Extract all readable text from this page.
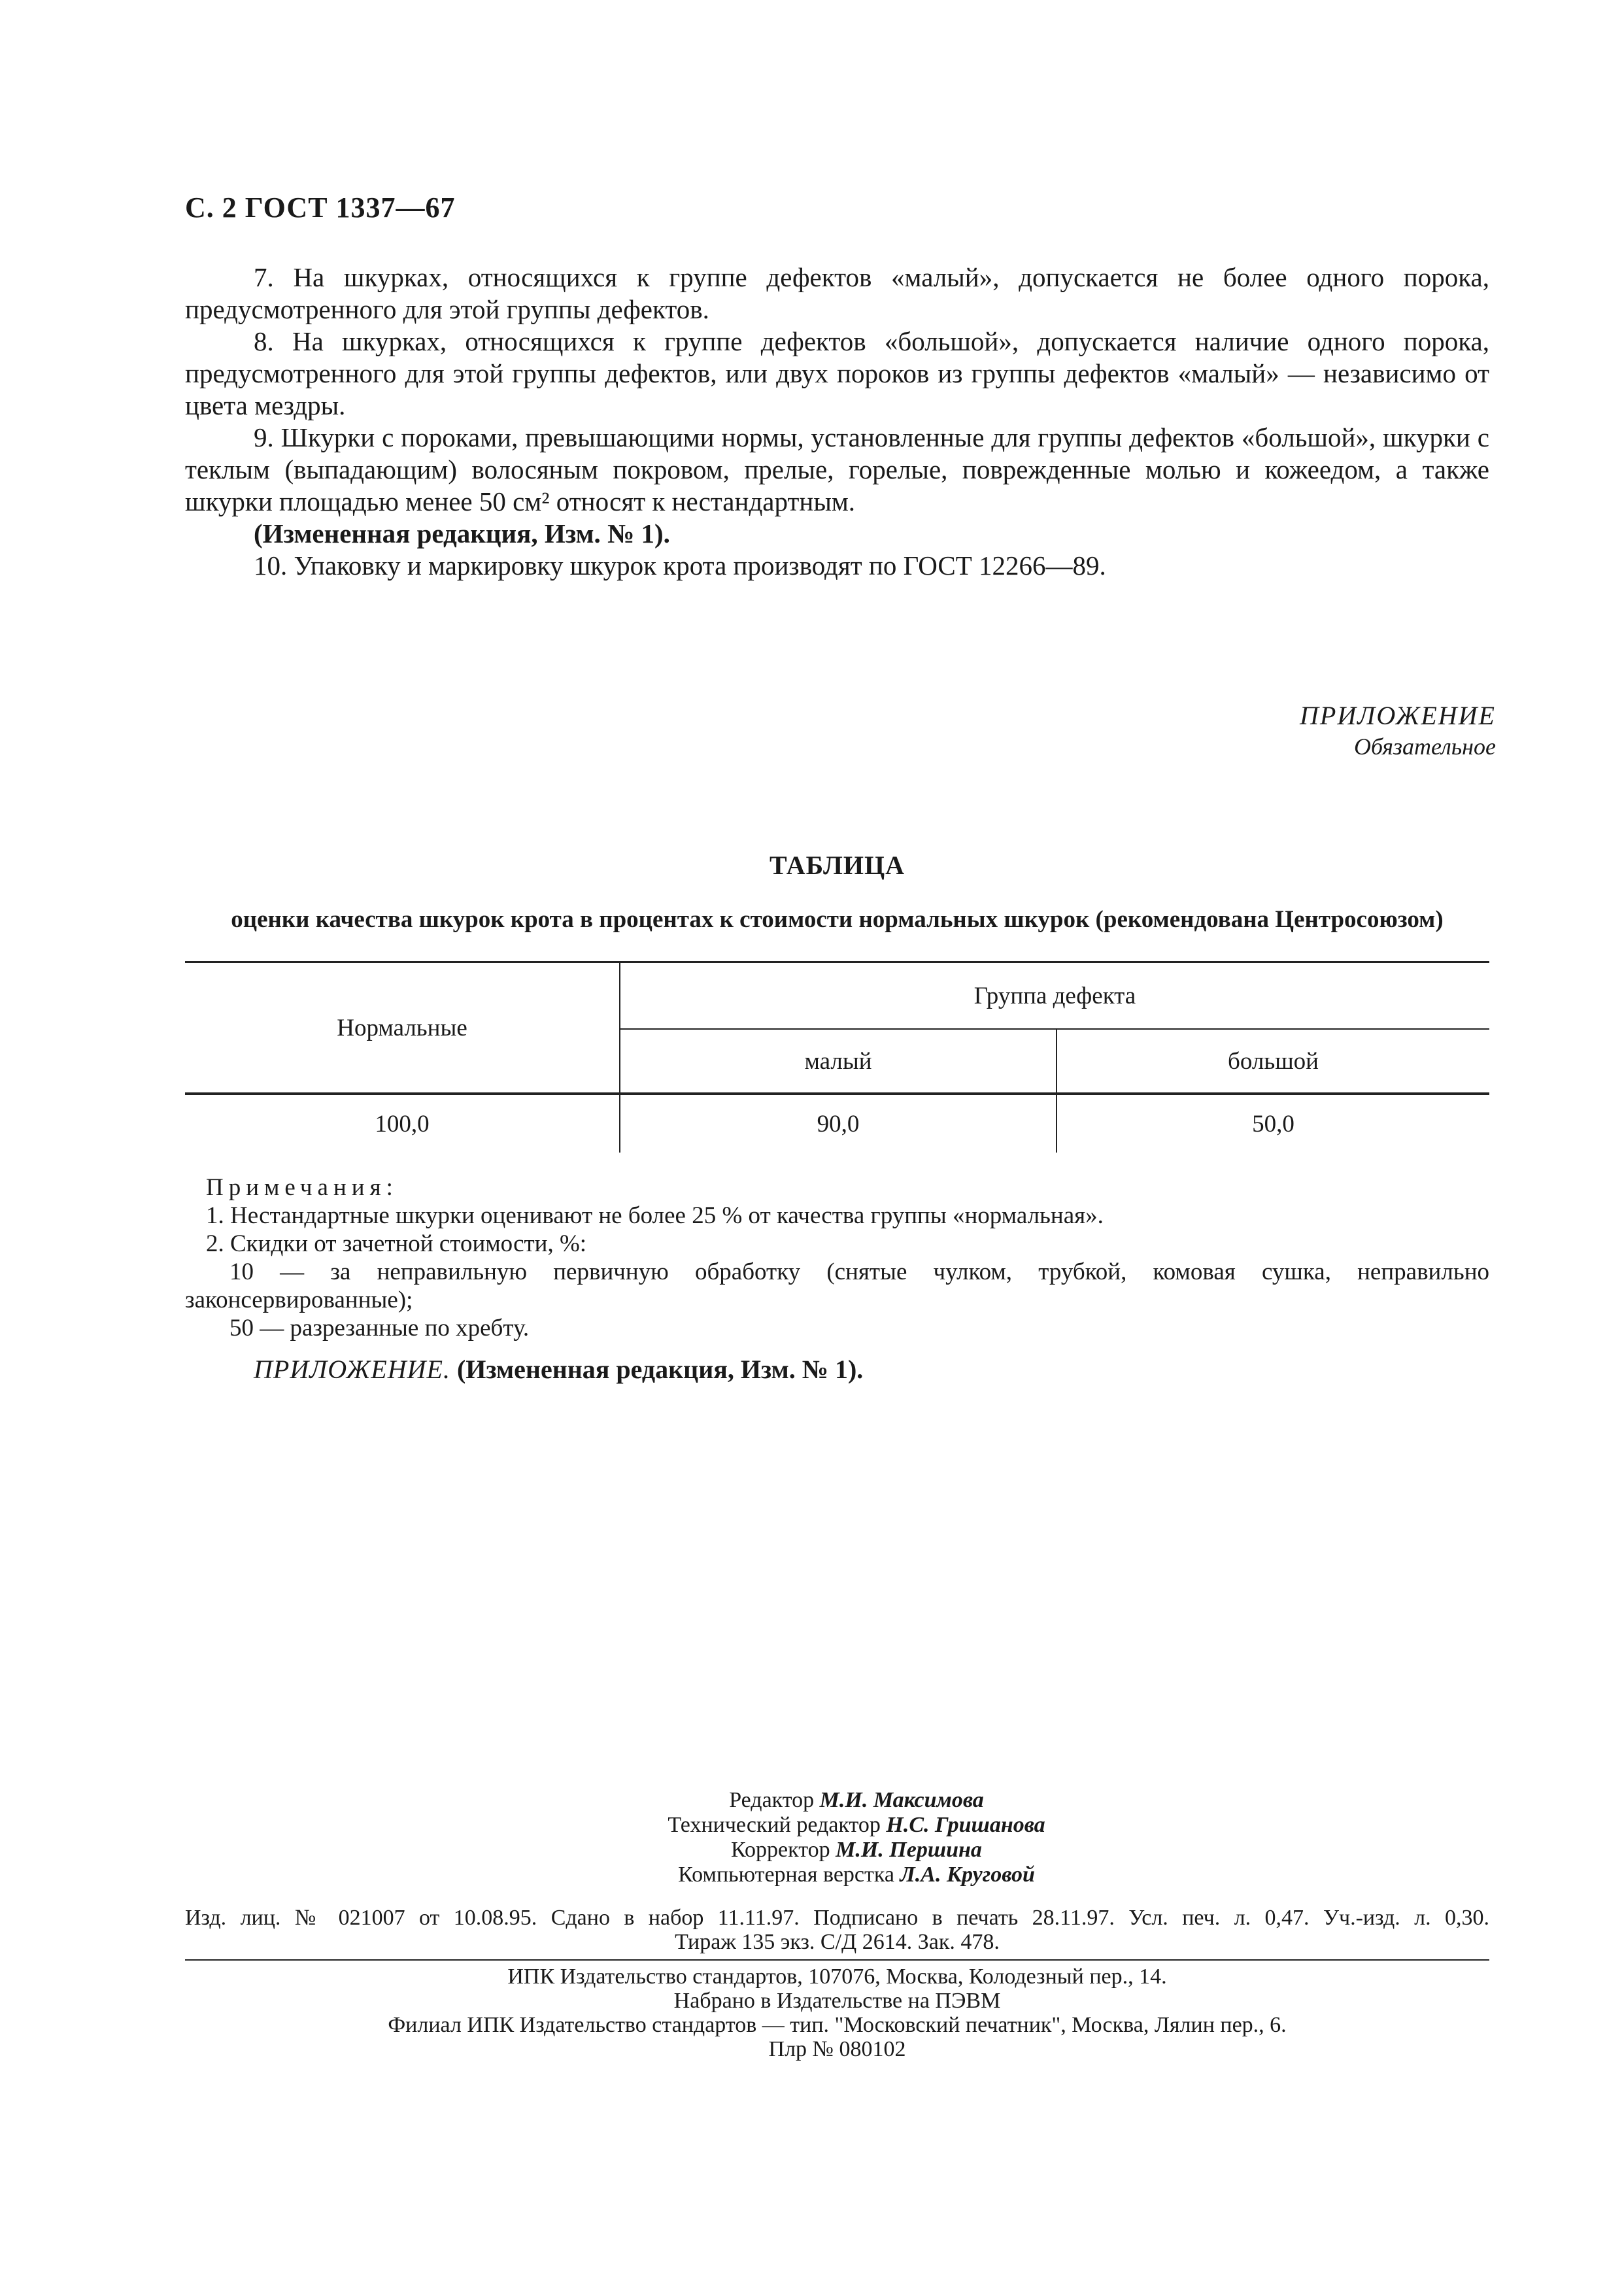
С. 2 ГОСТ 1337—67

7. На шкурках, относящихся к группе дефектов «малый», допускается не более одного порока, предусмотренного для этой группы дефектов.

8. На шкурках, относящихся к группе дефектов «большой», допускается наличие одного порока, предусмотренного для этой группы дефектов, или двух пороков из группы дефектов «малый» — независимо от цвета мездры.

9. Шкурки с пороками, превышающими нормы, установленные для группы дефектов «большой», шкурки с теклым (выпадающим) волосяным покровом, прелые, горелые, поврежденные молью и кожеедом, а также шкурки площадью менее 50 см² относят к нестандартным.

(Измененная редакция, Изм. № 1).

10. Упаковку и маркировку шкурок крота производят по ГОСТ 12266—89.

ПРИЛОЖЕНИЕ
Обязательное
ТАБЛИЦА
оценки качества шкурок крота в процентах к стоимости нормальных шкурок (рекомендована Центросоюзом)
Нормальные	Группа дефекта	
	малый	большой
100,0	90,0	50,0

Примечания:

1. Нестандартные шкурки оценивают не более 25 % от качества группы «нормальная».

2. Скидки от зачетной стоимости, %:

10 — за неправильную первичную обработку (снятые чулком, трубкой, комовая сушка, неправильно законсервированные);

50 — разрезанные по хребту.

ПРИЛОЖЕНИЕ. (Измененная редакция, Изм. № 1).

Редактор М.И. Максимова
Технический редактор Н.С. Гришанова
Корректор М.И. Першина
Компьютерная верстка Л.А. Круговой
Изд. лиц. № 021007 от 10.08.95. Сдано в набор 11.11.97. Подписано в печать 28.11.97. Усл. печ. л. 0,47. Уч.-изд. л. 0,30.
Тираж 135 экз. С/Д 2614. Зак. 478.
ИПК Издательство стандартов, 107076, Москва, Колодезный пер., 14.
Набрано в Издательстве на ПЭВМ
Филиал ИПК Издательство стандартов — тип. "Московский печатник", Москва, Лялин пер., 6.
Плр № 080102
